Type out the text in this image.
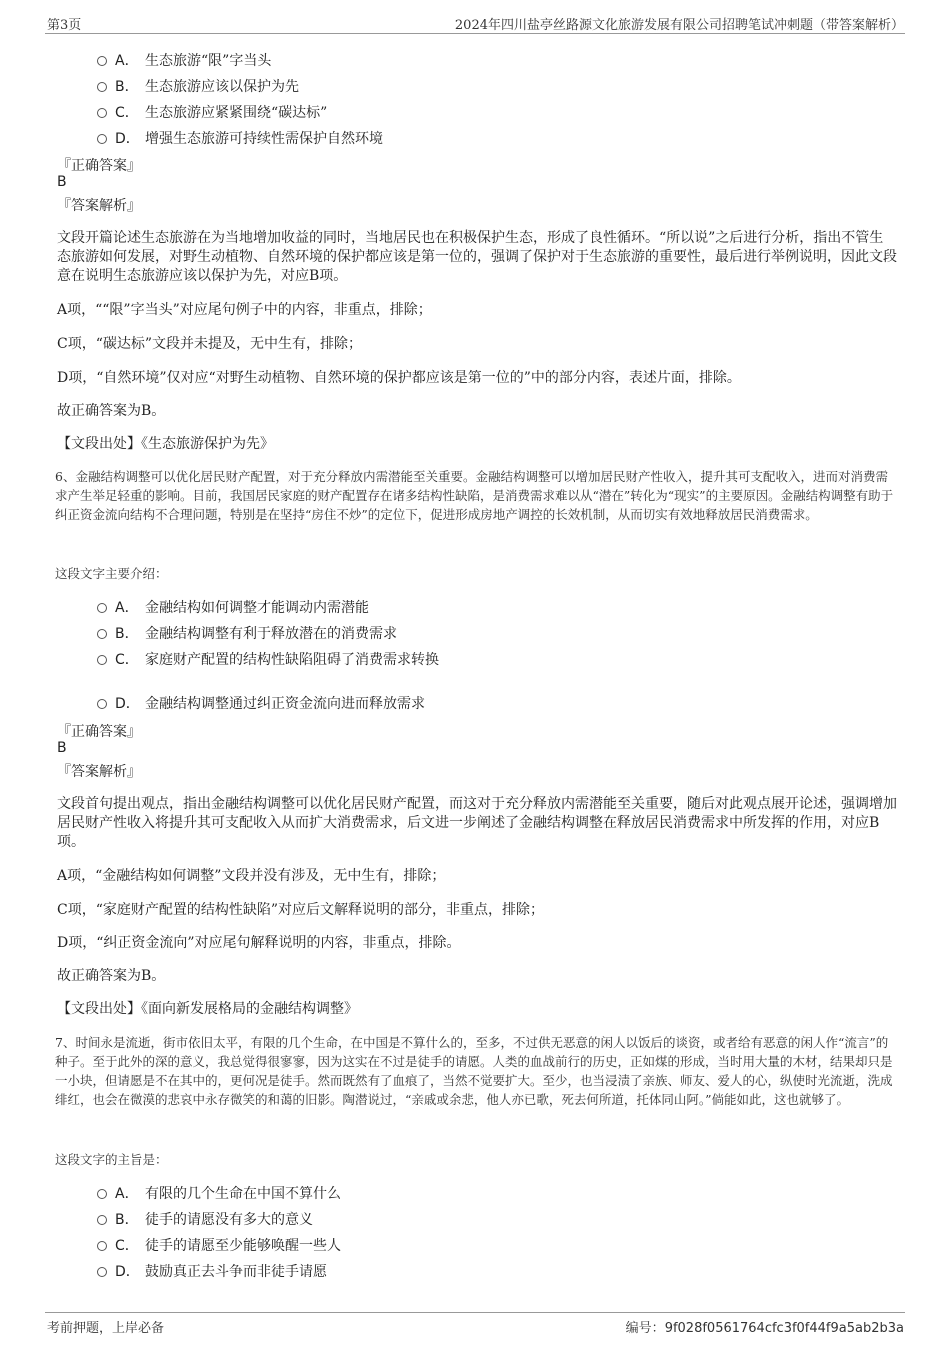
第3页	2024年四川盐亭丝路源文化旅游发展有限公司招聘笔试冲刺题（带答案解析）
A． 生态旅游“限”字当头
B． 生态旅游应该以保护为先
C． 生态旅游应紧紧围绕“碳达标”
D． 增强生态旅游可持续性需保护自然环境
『正确答案』
B
『答案解析』
文段开篇论述生态旅游在为当地增加收益的同时，当地居民也在积极保护生态，形成了良性循环。“所以说”之后进行分析，指出不管生态旅游如何发展，对野生动植物、自然环境的保护都应该是第一位的，强调了保护对于生态旅游的重要性，最后进行举例说明，因此文段意在说明生态旅游应该以保护为先，对应B项。
A项，““限”字当头”对应尾句例子中的内容，非重点，排除；
C项，“碳达标”文段并未提及，无中生有，排除；
D项，“自然环境”仅对应“对野生动植物、自然环境的保护都应该是第一位的”中的部分内容，表述片面，排除。
故正确答案为B。
【文段出处】《生态旅游保护为先》
6、金融结构调整可以优化居民财产配置，对于充分释放内需潜能至关重要。金融结构调整可以增加居民财产性收入，提升其可支配收入，进而对消费需求产生举足轻重的影响。目前，我国居民家庭的财产配置存在诸多结构性缺陷，是消费需求难以从“潜在”转化为“现实”的主要原因。金融结构调整有助于纠正资金流向结构不合理问题，特别是在坚持“房住不炒”的定位下，促进形成房地产调控的长效机制，从而切实有效地释放居民消费需求。
这段文字主要介绍：
A． 金融结构如何调整才能调动内需潜能
B． 金融结构调整有利于释放潜在的消费需求
C． 家庭财产配置的结构性缺陷阻碍了消费需求转换
D． 金融结构调整通过纠正资金流向进而释放需求
『正确答案』
B
『答案解析』
文段首句提出观点，指出金融结构调整可以优化居民财产配置，而这对于充分释放内需潜能至关重要，随后对此观点展开论述，强调增加居民财产性收入将提升其可支配收入从而扩大消费需求，后文进一步阐述了金融结构调整在释放居民消费需求中所发挥的作用，对应B项。
A项，“金融结构如何调整”文段并没有涉及，无中生有，排除；
C项，“家庭财产配置的结构性缺陷”对应后文解释说明的部分，非重点，排除；
D项，“纠正资金流向”对应尾句解释说明的内容，非重点，排除。
故正确答案为B。
【文段出处】《面向新发展格局的金融结构调整》
7、时间永是流逝，街市依旧太平，有限的几个生命，在中国是不算什么的，至多，不过供无恶意的闲人以饭后的谈资，或者给有恶意的闲人作“流言”的种子。至于此外的深的意义，我总觉得很寥寥，因为这实在不过是徒手的请愿。人类的血战前行的历史，正如煤的形成，当时用大量的木材，结果却只是一小块，但请愿是不在其中的，更何况是徒手。然而既然有了血痕了，当然不觉要扩大。至少，也当浸渍了亲族、师友、爱人的心，纵使时光流逝，洗成绯红，也会在微漠的悲哀中永存微笑的和蔼的旧影。陶潜说过，“亲戚或余悲，他人亦已歌，死去何所道，托体同山阿。”倘能如此，这也就够了。
这段文字的主旨是：
A． 有限的几个生命在中国不算什么
B． 徒手的请愿没有多大的意义
C． 徒手的请愿至少能够唤醒一些人
D． 鼓励真正去斗争而非徒手请愿
考前押题，上岸必备	编号：9f028f0561764cfc3f0f44f9a5ab2b3a
